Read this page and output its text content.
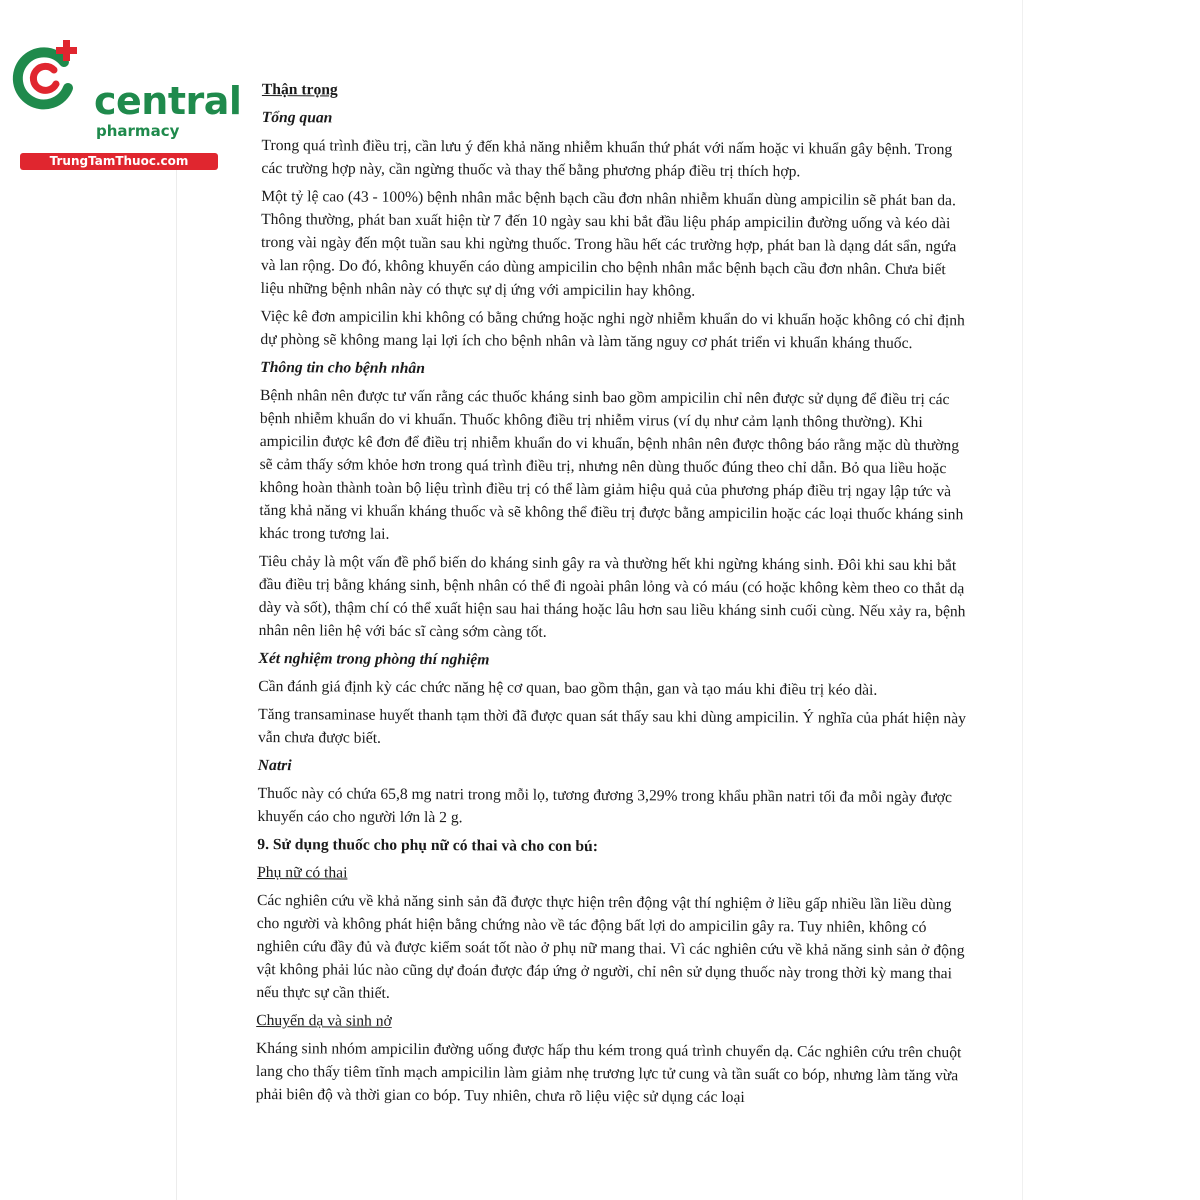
central
pharmacy
TrungTamThuoc.com

Thận trọng

Tổng quan

Trong quá trình điều trị, cần lưu ý đến khả năng nhiễm khuẩn thứ phát với nấm hoặc vi khuẩn gây bệnh. Trong các trường hợp này, cần ngừng thuốc và thay thế bằng phương pháp điều trị thích hợp.

Một tỷ lệ cao (43 - 100%) bệnh nhân mắc bệnh bạch cầu đơn nhân nhiễm khuẩn dùng ampicilin sẽ phát ban da. Thông thường, phát ban xuất hiện từ 7 đến 10 ngày sau khi bắt đầu liệu pháp ampicilin đường uống và kéo dài trong vài ngày đến một tuần sau khi ngừng thuốc. Trong hầu hết các trường hợp, phát ban là dạng dát sẩn, ngứa và lan rộng. Do đó, không khuyến cáo dùng ampicilin cho bệnh nhân mắc bệnh bạch cầu đơn nhân. Chưa biết liệu những bệnh nhân này có thực sự dị ứng với ampicilin hay không.

Việc kê đơn ampicilin khi không có bằng chứng hoặc nghi ngờ nhiễm khuẩn do vi khuẩn hoặc không có chỉ định dự phòng sẽ không mang lại lợi ích cho bệnh nhân và làm tăng nguy cơ phát triển vi khuẩn kháng thuốc.

Thông tin cho bệnh nhân

Bệnh nhân nên được tư vấn rằng các thuốc kháng sinh bao gồm ampicilin chỉ nên được sử dụng để điều trị các bệnh nhiễm khuẩn do vi khuẩn. Thuốc không điều trị nhiễm virus (ví dụ như cảm lạnh thông thường). Khi ampicilin được kê đơn để điều trị nhiễm khuẩn do vi khuẩn, bệnh nhân nên được thông báo rằng mặc dù thường sẽ cảm thấy sớm khỏe hơn trong quá trình điều trị, nhưng nên dùng thuốc đúng theo chỉ dẫn. Bỏ qua liều hoặc không hoàn thành toàn bộ liệu trình điều trị có thể làm giảm hiệu quả của phương pháp điều trị ngay lập tức và tăng khả năng vi khuẩn kháng thuốc và sẽ không thể điều trị được bằng ampicilin hoặc các loại thuốc kháng sinh khác trong tương lai.

Tiêu chảy là một vấn đề phổ biến do kháng sinh gây ra và thường hết khi ngừng kháng sinh. Đôi khi sau khi bắt đầu điều trị bằng kháng sinh, bệnh nhân có thể đi ngoài phân lỏng và có máu (có hoặc không kèm theo co thắt dạ dày và sốt), thậm chí có thể xuất hiện sau hai tháng hoặc lâu hơn sau liều kháng sinh cuối cùng. Nếu xảy ra, bệnh nhân nên liên hệ với bác sĩ càng sớm càng tốt.

Xét nghiệm trong phòng thí nghiệm

Cần đánh giá định kỳ các chức năng hệ cơ quan, bao gồm thận, gan và tạo máu khi điều trị kéo dài.

Tăng transaminase huyết thanh tạm thời đã được quan sát thấy sau khi dùng ampicilin. Ý nghĩa của phát hiện này vẫn chưa được biết.

Natri

Thuốc này có chứa 65,8 mg natri trong mỗi lọ, tương đương 3,29% trong khẩu phần natri tối đa mỗi ngày được khuyến cáo cho người lớn là 2 g.

9. Sử dụng thuốc cho phụ nữ có thai và cho con bú:

Phụ nữ có thai

Các nghiên cứu về khả năng sinh sản đã được thực hiện trên động vật thí nghiệm ở liều gấp nhiều lần liều dùng cho người và không phát hiện bằng chứng nào về tác động bất lợi do ampicilin gây ra. Tuy nhiên, không có nghiên cứu đầy đủ và được kiểm soát tốt nào ở phụ nữ mang thai. Vì các nghiên cứu về khả năng sinh sản ở động vật không phải lúc nào cũng dự đoán được đáp ứng ở người, chỉ nên sử dụng thuốc này trong thời kỳ mang thai nếu thực sự cần thiết.

Chuyển dạ và sinh nở

Kháng sinh nhóm ampicilin đường uống được hấp thu kém trong quá trình chuyển dạ. Các nghiên cứu trên chuột lang cho thấy tiêm tĩnh mạch ampicilin làm giảm nhẹ trương lực tử cung và tần suất co bóp, nhưng làm tăng vừa phải biên độ và thời gian co bóp. Tuy nhiên, chưa rõ liệu việc sử dụng các loại
